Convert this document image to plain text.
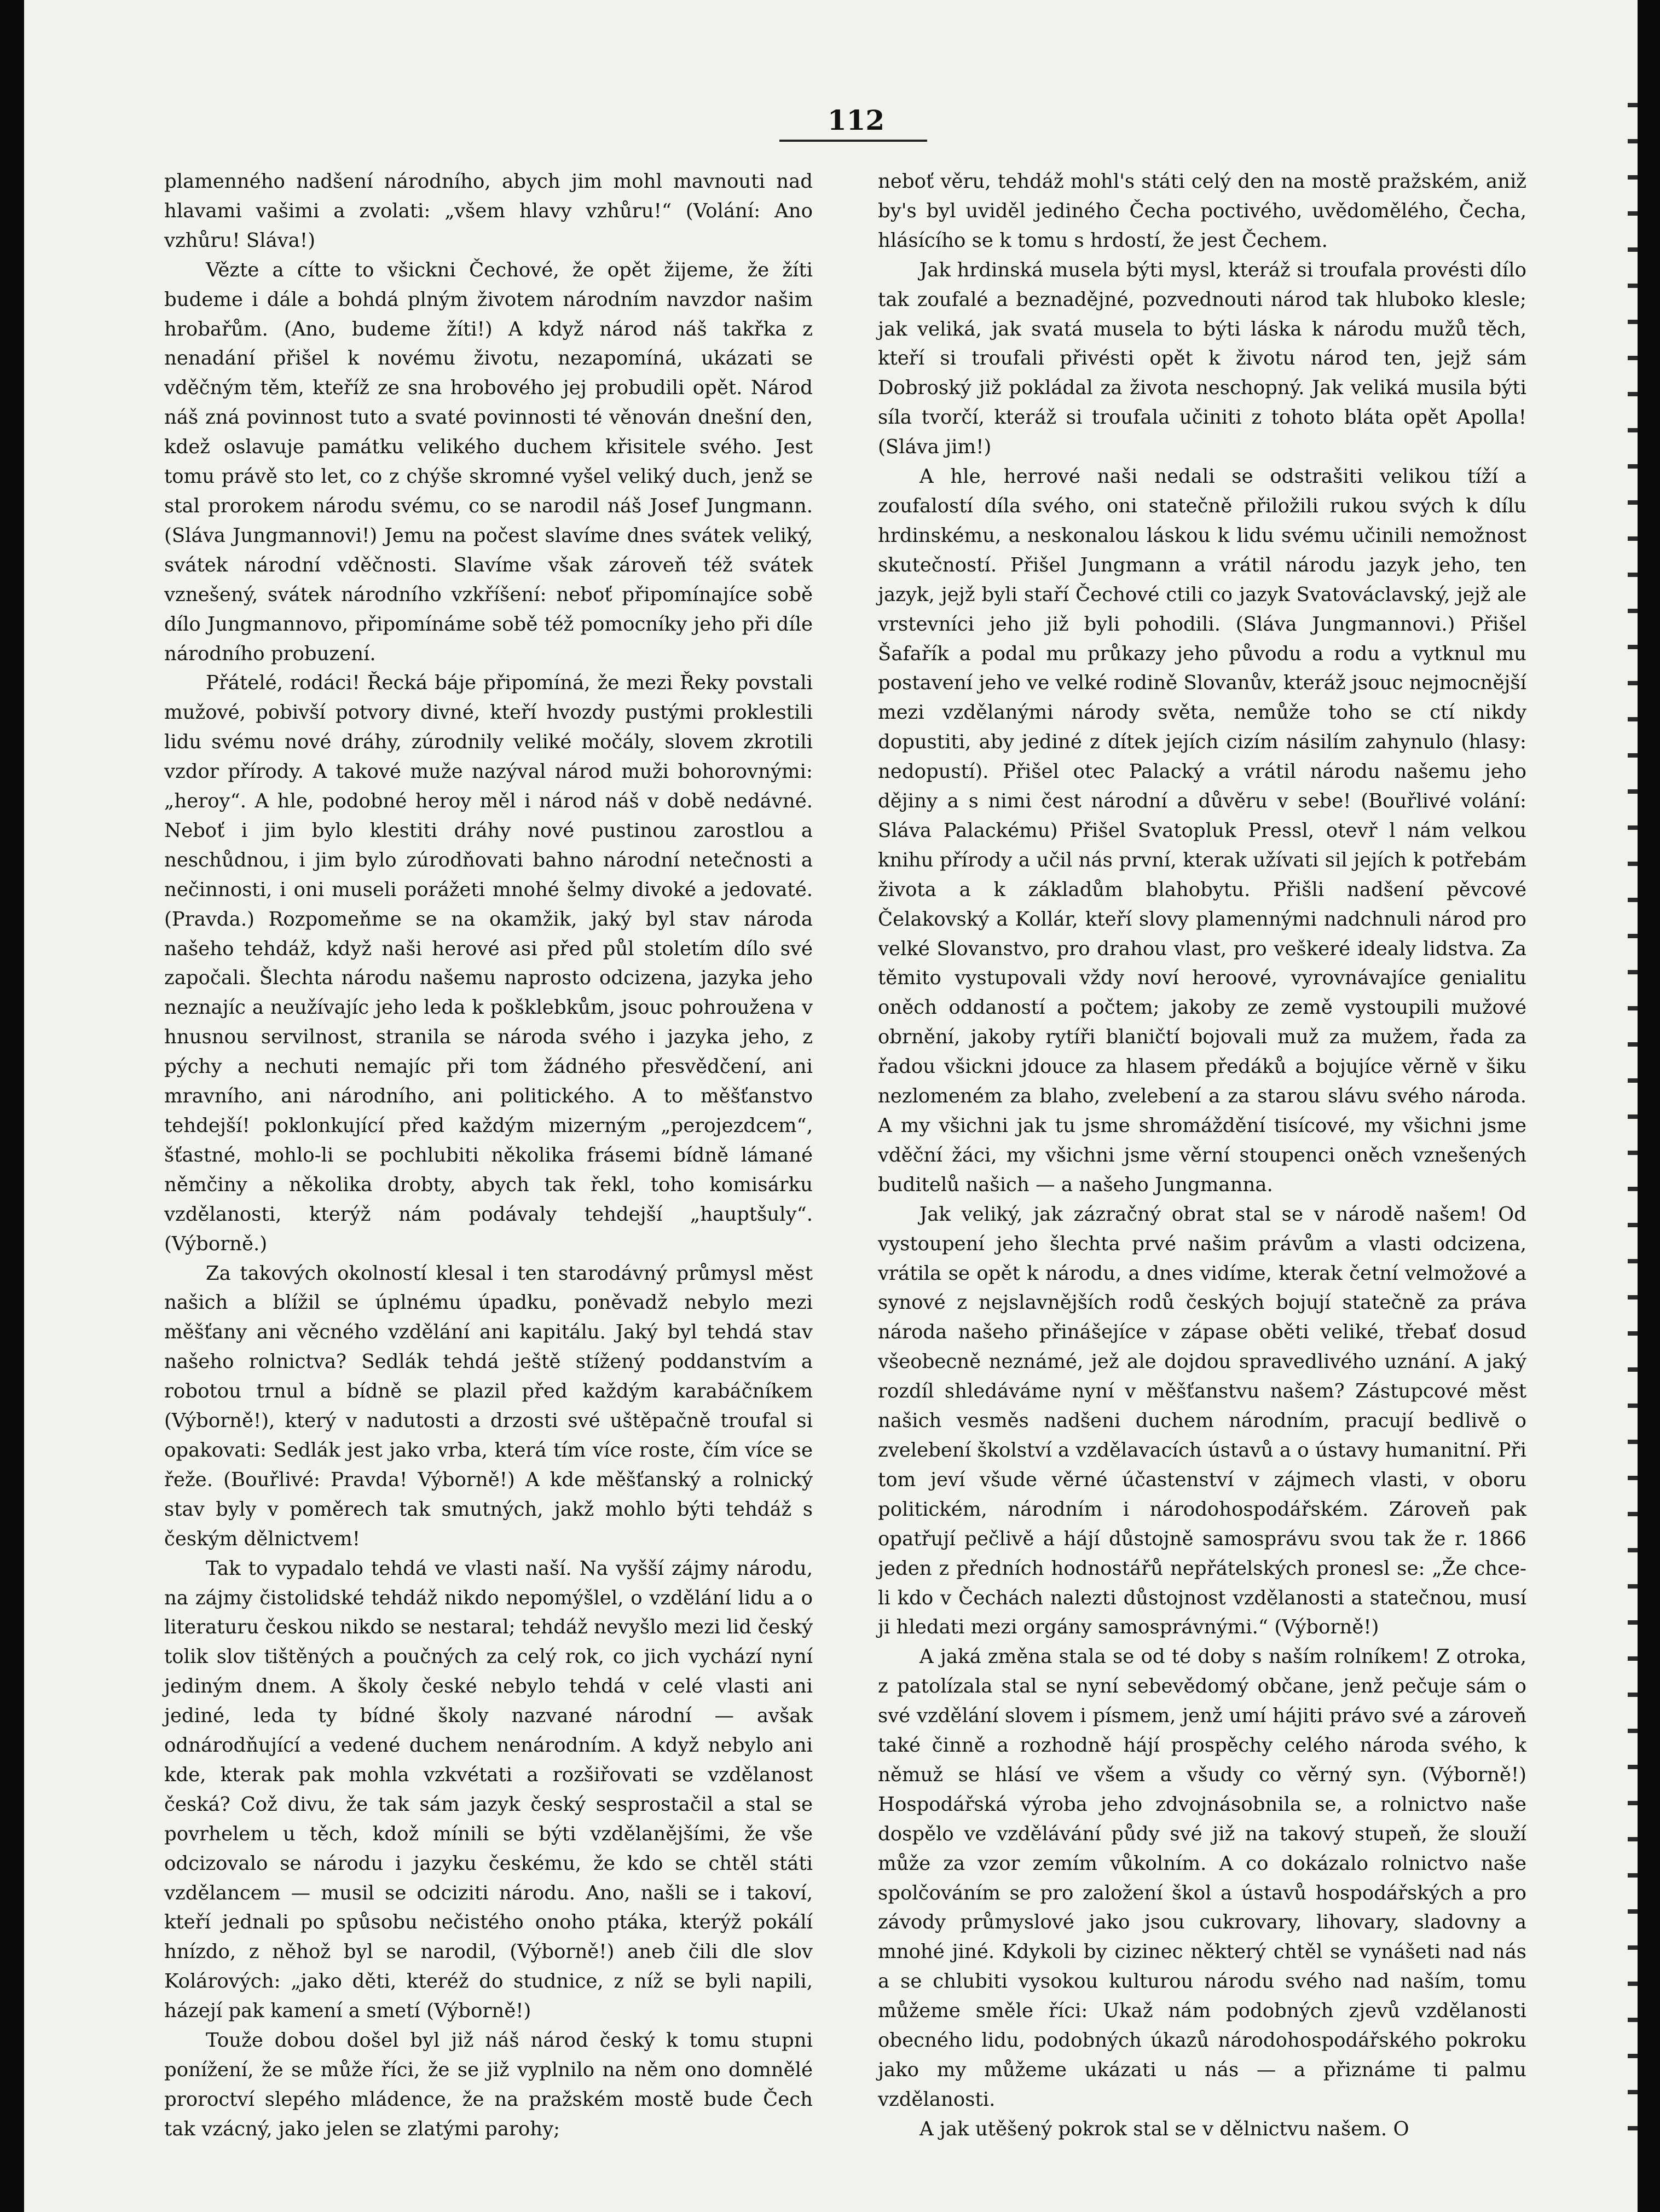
112

plamenného nadšení národního, abych jim mohl mavnouti nad hlavami vašimi a zvolati: „všem hlavy vzhůru!“ (Volání: Ano vzhůru! Sláva!)

Vězte a cítte to všickni Čechové, že opět žijeme, že žíti budeme i dále a bohdá plným životem národním navzdor našim hrobařům. (Ano, budeme žíti!) A když národ náš takřka z nenadání přišel k novému životu, nezapomíná, ukázati se vděčným těm, kteříž ze sna hrobového jej probudili opět. Národ náš zná povinnost tuto a svaté povinnosti té věnován dnešní den, kdež oslavuje památku velikého duchem křisitele svého. Jest tomu právě sto let, co z chýše skromné vyšel veliký duch, jenž se stal prorokem národu svému, co se narodil náš Josef Jungmann. (Sláva Jungmannovi!) Jemu na počest slavíme dnes svátek veliký, svátek národní vděčnosti. Slavíme však zároveň též svátek vznešený, svátek národního vzkříšení: neboť připomínajíce sobě dílo Jungmannovo, připomínáme sobě též pomocníky jeho při díle národního probuzení.

Přátelé, rodáci! Řecká báje připomíná, že mezi Řeky povstali mužové, pobivší potvory divné, kteří hvozdy pustými proklestili lidu svému nové dráhy, zúrodnily veliké močály, slovem zkrotili vzdor přírody. A takové muže nazýval národ muži bohorovnými: „heroy“. A hle, podobné heroy měl i národ náš v době nedávné. Neboť i jim bylo klestiti dráhy nové pustinou zarostlou a neschůdnou, i jim bylo zúrodňovati bahno národní netečnosti a nečinnosti, i oni museli porážeti mnohé šelmy divoké a jedovaté. (Pravda.) Rozpomeňme se na okamžik, jaký byl stav národa našeho tehdáž, když naši herové asi před půl stoletím dílo své započali. Šlechta národu našemu naprosto odcizena, jazyka jeho neznajíc a neužívajíc jeho leda k pošklebkům, jsouc pohroužena v hnusnou servilnost, stranila se národa svého i jazyka jeho, z pýchy a nechuti nemajíc při tom žádného přesvědčení, ani mravního, ani národního, ani politického. A to měšťanstvo tehdejší! poklonkující před každým mizerným „perojezdcem“, šťastné, mohlo-li se pochlubiti několika frásemi bídně lámané němčiny a několika drobty, abych tak řekl, toho komisárku vzdělanosti, kterýž nám podávaly tehdejší „hauptšuly“. (Výborně.)

Za takových okolností klesal i ten starodávný průmysl měst našich a blížil se úplnému úpadku, poněvadž nebylo mezi měšťany ani věcného vzdělání ani kapitálu. Jaký byl tehdá stav našeho rolnictva? Sedlák tehdá ještě stížený poddanstvím a robotou trnul a bídně se plazil před každým karabáčníkem (Výborně!), který v nadutosti a drzosti své uštěpačně troufal si opakovati: Sedlák jest jako vrba, která tím více roste, čím více se řeže. (Bouřlivé: Pravda! Výborně!) A kde měšťanský a rolnický stav byly v poměrech tak smutných, jakž mohlo býti tehdáž s českým dělnictvem!

Tak to vypadalo tehdá ve vlasti naší. Na vyšší zájmy národu, na zájmy čistolidské tehdáž nikdo nepomýšlel, o vzdělání lidu a o literaturu českou nikdo se nestaral; tehdáž nevyšlo mezi lid český tolik slov tištěných a poučných za celý rok, co jich vychází nyní jediným dnem. A školy české nebylo tehdá v celé vlasti ani jediné, leda ty bídné školy nazvané národní — avšak odnárodňující a vedené duchem nenárodním. A když nebylo ani kde, kterak pak mohla vzkvétati a rozšiřovati se vzdělanost česká? Což divu, že tak sám jazyk český sesprostačil a stal se povrhelem u těch, kdož mínili se býti vzdělanějšími, že vše odcizovalo se národu i jazyku českému, že kdo se chtěl státi vzdělancem — musil se odciziti národu. Ano, našli se i takoví, kteří jednali po spůsobu nečistého onoho ptáka, kterýž pokálí hnízdo, z něhož byl se narodil, (Výborně!) aneb čili dle slov Kolárových: „jako děti, kteréž do studnice, z níž se byli napili, házejí pak kamení a smetí (Výborně!)

Touže dobou došel byl již náš národ český k tomu stupni ponížení, že se může říci, že se již vyplnilo na něm ono domnělé proroctví slepého mládence, že na pražském mostě bude Čech tak vzácný, jako jelen se zlatými parohy;

neboť věru, tehdáž mohl's státi celý den na mostě pražském, aniž by's byl uviděl jediného Čecha poctivého, uvědomělého, Čecha, hlásícího se k tomu s hrdostí, že jest Čechem.

Jak hrdinská musela býti mysl, kteráž si troufala provésti dílo tak zoufalé a beznadějné, pozvednouti národ tak hluboko klesle; jak veliká, jak svatá musela to býti láska k národu mužů těch, kteří si troufali přivésti opět k životu národ ten, jejž sám Dobroský již pokládal za života neschopný. Jak veliká musila býti síla tvorčí, kteráž si troufala učiniti z tohoto bláta opět Apolla! (Sláva jim!)

A hle, herrové naši nedali se odstrašiti velikou tíží a zoufalostí díla svého, oni statečně přiložili rukou svých k dílu hrdinskému, a neskonalou láskou k lidu svému učinili nemožnost skutečností. Přišel Jungmann a vrátil národu jazyk jeho, ten jazyk, jejž byli staří Čechové ctili co jazyk Svatováclavský, jejž ale vrstevníci jeho již byli pohodili. (Sláva Jungmannovi.) Přišel Šafařík a podal mu průkazy jeho původu a rodu a vytknul mu postavení jeho ve velké rodině Slovanův, kteráž jsouc nejmocnější mezi vzdělanými národy světa, nemůže toho se ctí nikdy dopustiti, aby jediné z dítek jejích cizím násilím zahynulo (hlasy: nedopustí). Přišel otec Palacký a vrátil národu našemu jeho dějiny a s nimi čest národní a důvěru v sebe! (Bouřlivé volání: Sláva Palackému) Přišel Svatopluk Pressl, otevř l nám velkou knihu přírody a učil nás první, kterak užívati sil jejích k potřebám života a k základům blahobytu. Přišli nadšení pěvcové Čelakovský a Kollár, kteří slovy plamennými nadchnuli národ pro velké Slovanstvo, pro drahou vlast, pro veškeré idealy lidstva. Za těmito vystupovali vždy noví heroové, vyrovnávajíce genialitu oněch oddaností a počtem; jakoby ze země vystoupili mužové obrnění, jakoby rytíři blaničtí bojovali muž za mužem, řada za řadou všickni jdouce za hlasem předáků a bojujíce věrně v šiku nezlomeném za blaho, zvelebení a za starou slávu svého národa. A my všichni jak tu jsme shromáždění tisícové, my všichni jsme vděční žáci, my všichni jsme věrní stoupenci oněch vznešených buditelů našich — a našeho Jungmanna.

Jak veliký, jak zázračný obrat stal se v národě našem! Od vystoupení jeho šlechta prvé našim právům a vlasti odcizena, vrátila se opět k národu, a dnes vidíme, kterak četní velmožové a synové z nejslavnějších rodů českých bojují statečně za práva národa našeho přinášejíce v zápase oběti veliké, třebať dosud všeobecně neznámé, jež ale dojdou spravedlivého uznání. A jaký rozdíl shledáváme nyní v měšťanstvu našem? Zástupcové měst našich vesměs nadšeni duchem národním, pracují bedlivě o zvelebení školství a vzdělavacích ústavů a o ústavy humanitní. Při tom jeví všude věrné účastenství v zájmech vlasti, v oboru politickém, národním i národohospodářském. Zároveň pak opatřují pečlivě a hájí důstojně samosprávu svou tak že r. 1866 jeden z předních hodnostářů nepřátelských pronesl se: „Že chce-li kdo v Čechách nalezti důstojnost vzdělanosti a statečnou, musí ji hledati mezi orgány samosprávnými.“ (Výborně!)

A jaká změna stala se od té doby s naším rolníkem! Z otroka, z patolízala stal se nyní sebevědomý občane, jenž pečuje sám o své vzdělání slovem i písmem, jenž umí hájiti právo své a zároveň také činně a rozhodně hájí prospěchy celého národa svého, k němuž se hlásí ve všem a všudy co věrný syn. (Výborně!) Hospodářská výroba jeho zdvojnásobnila se, a rolnictvo naše dospělo ve vzdělávání půdy své již na takový stupeň, že slouží může za vzor zemím vůkolním. A co dokázalo rolnictvo naše spolčováním se pro založení škol a ústavů hospodářských a pro závody průmyslové jako jsou cukrovary, lihovary, sladovny a mnohé jiné. Kdykoli by cizinec některý chtěl se vynášeti nad nás a se chlubiti vysokou kulturou národu svého nad naším, tomu můžeme směle říci: Ukaž nám podobných zjevů vzdělanosti obecného lidu, podobných úkazů národohospodářského pokroku jako my můžeme ukázati u nás — a přiznáme ti palmu vzdělanosti.

A jak utěšený pokrok stal se v dělnictvu našem. O
